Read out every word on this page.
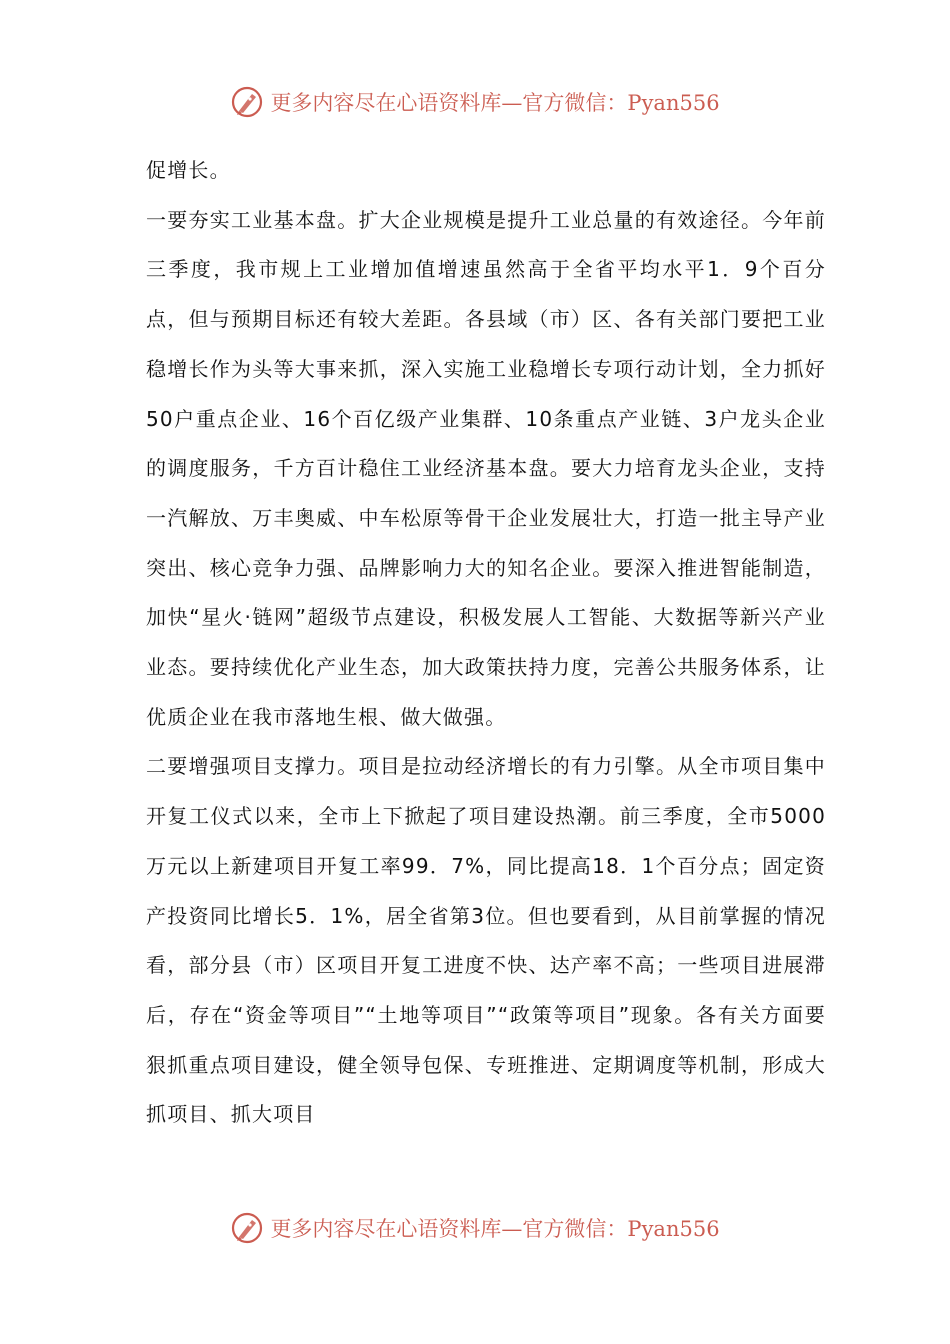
更多内容尽在心语资料库—官方微信：Pyan556

促增长。

一要夯实工业基本盘。扩大企业规模是提升工业总量的有效途径。今年前三季度，我市规上工业增加值增速虽然高于全省平均水平1．9个百分点，但与预期目标还有较大差距。各县域（市）区、各有关部门要把工业稳增长作为头等大事来抓，深入实施工业稳增长专项行动计划，全力抓好50户重点企业、16个百亿级产业集群、10条重点产业链、3户龙头企业的调度服务，千方百计稳住工业经济基本盘。要大力培育龙头企业，支持一汽解放、万丰奥威、中车松原等骨干企业发展壮大，打造一批主导产业突出、核心竞争力强、品牌影响力大的知名企业。要深入推进智能制造，加快“星火·链网”超级节点建设，积极发展人工智能、大数据等新兴产业业态。要持续优化产业生态，加大政策扶持力度，完善公共服务体系，让优质企业在我市落地生根、做大做强。

二要增强项目支撑力。项目是拉动经济增长的有力引擎。从全市项目集中开复工仪式以来，全市上下掀起了项目建设热潮。前三季度，全市5000万元以上新建项目开复工率99．7%，同比提高18．1个百分点；固定资产投资同比增长5．1%，居全省第3位。但也要看到，从目前掌握的情况看，部分县（市）区项目开复工进度不快、达产率不高；一些项目进展滞后，存在“资金等项目”“土地等项目”“政策等项目”现象。各有关方面要狠抓重点项目建设，健全领导包保、专班推进、定期调度等机制，形成大抓项目、抓大项目

更多内容尽在心语资料库—官方微信：Pyan556
